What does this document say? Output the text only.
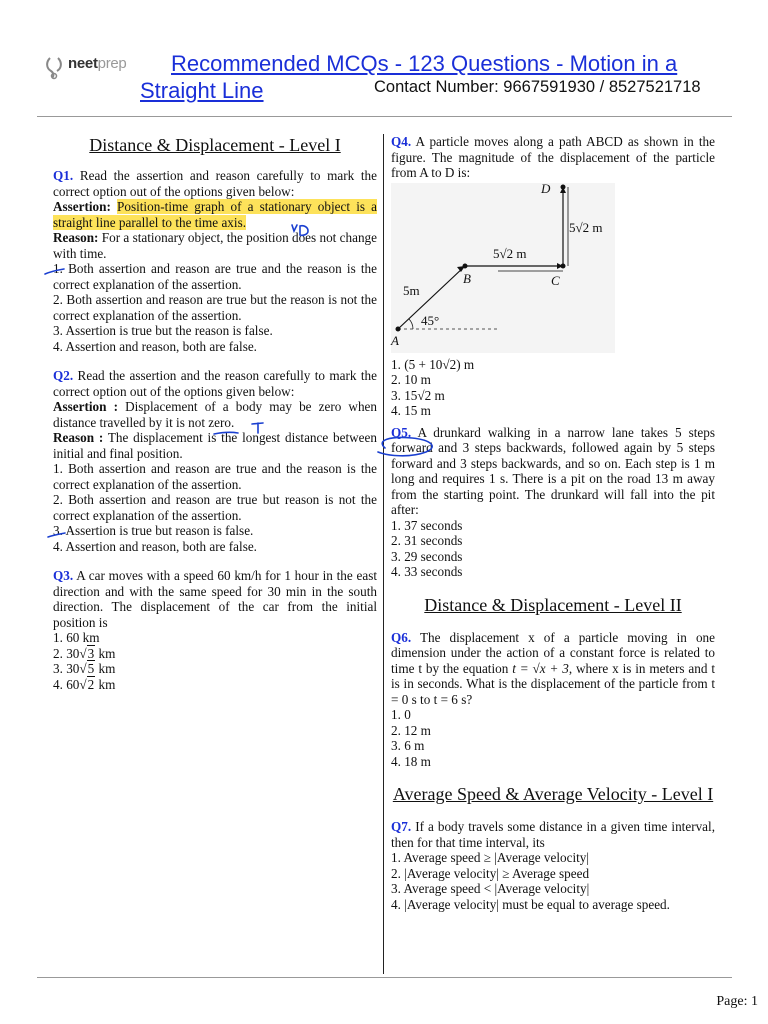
neetprep	Recommended MCQs - 123 Questions - Motion in a
Straight Line	Contact Number: 9667591930 / 8527521718

Distance & Displacement - Level I

Q1. Read the assertion and reason carefully to mark the correct option out of the options given below:

Assertion: Position-time graph of a stationary object is a straight line parallel to the time axis.

Reason: For a stationary object, the position does not change with time.

1. Both assertion and reason are true and the reason is the correct explanation of the assertion.

2. Both assertion and reason are true but the reason is not the correct explanation of the assertion.

3. Assertion is true but the reason is false.

4. Assertion and reason, both are false.

Q2. Read the assertion and the reason carefully to mark the correct option out of the options given below:

Assertion : Displacement of a body may be zero when distance travelled by it is not zero.

Reason : The displacement is the longest distance between initial and final position.

1. Both assertion and reason are true and the reason is the correct explanation of the assertion.

2. Both assertion and reason are true but reason is not the correct explanation of the assertion.

3. Assertion is true but reason is false.

4. Assertion and reason, both are false.

Q3. A car moves with a speed 60 km/h for 1 hour in the east direction and with the same speed for 30 min in the south direction. The displacement of the car from the initial position is

1. 60 km

2. 30√3 km

3. 30√5 km

4. 60√2 km

Q4. A particle moves along a path ABCD as shown in the figure. The magnitude of the displacement of the particle from A to D is:

A
B	C
D
5m
5√2 m
5√2 m
45°

1. (5 + 10√2) m

2. 10 m

3. 15√2 m

4. 15 m

Q5. A drunkard walking in a narrow lane takes 5 steps forward and 3 steps backwards, followed again by 5 steps forward and 3 steps backwards, and so on. Each step is 1 m long and requires 1 s. There is a pit on the road 13 m away from the starting point. The drunkard will fall into the pit after:

1. 37 seconds

2. 31 seconds

3. 29 seconds

4. 33 seconds

Distance & Displacement - Level II

Q6. The displacement x of a particle moving in one dimension under the action of a constant force is related to time t by the equation t = √x + 3, where x is in meters and t is in seconds. What is the displacement of the particle from t = 0 s to t = 6 s?

1. 0

2. 12 m

3. 6 m

4. 18 m

Average Speed & Average Velocity - Level I

Q7. If a body travels some distance in a given time interval, then for that time interval, its

1. Average speed ≥ |Average velocity|

2. |Average velocity| ≥ Average speed

3. Average speed < |Average velocity|

4. |Average velocity| must be equal to average speed.

Page: 1
